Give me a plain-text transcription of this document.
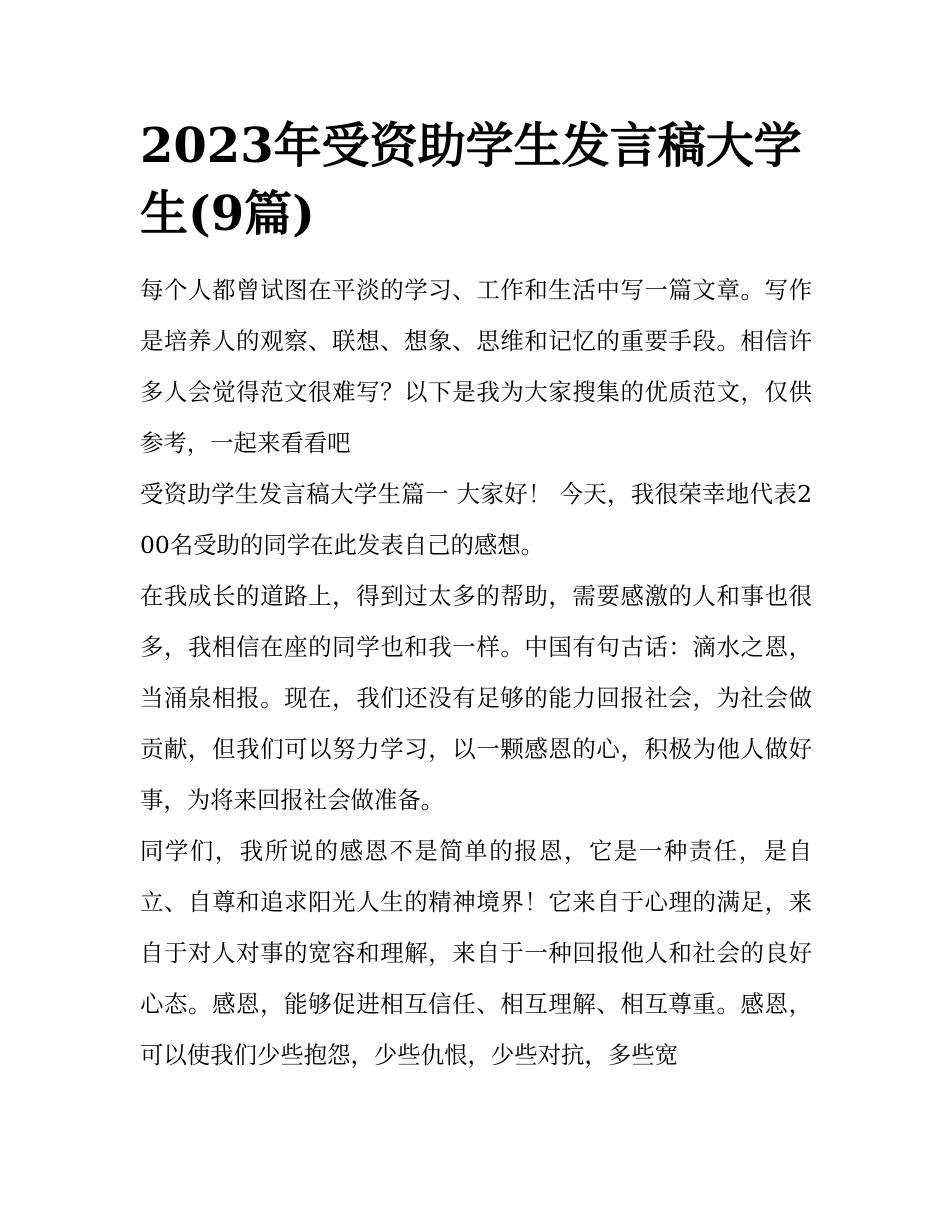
2023年受资助学生发言稿大学生(9篇)

每个人都曾试图在平淡的学习、工作和生活中写一篇文章。写作是培养人的观察、联想、想象、思维和记忆的重要手段。相信许多人会觉得范文很难写？以下是我为大家搜集的优质范文，仅供参考，一起来看看吧

受资助学生发言稿大学生篇一 大家好！ 今天，我很荣幸地代表200名受助的同学在此发表自己的感想。

在我成长的道路上，得到过太多的帮助，需要感激的人和事也很多，我相信在座的同学也和我一样。中国有句古话：滴水之恩，当涌泉相报。现在，我们还没有足够的能力回报社会，为社会做贡献，但我们可以努力学习，以一颗感恩的心，积极为他人做好事，为将来回报社会做准备。

同学们，我所说的感恩不是简单的报恩，它是一种责任，是自立、自尊和追求阳光人生的精神境界！它来自于心理的满足，来自于对人对事的宽容和理解，来自于一种回报他人和社会的良好心态。感恩，能够促进相互信任、相互理解、相互尊重。感恩，可以使我们少些抱怨，少些仇恨，少些对抗，多些宽
